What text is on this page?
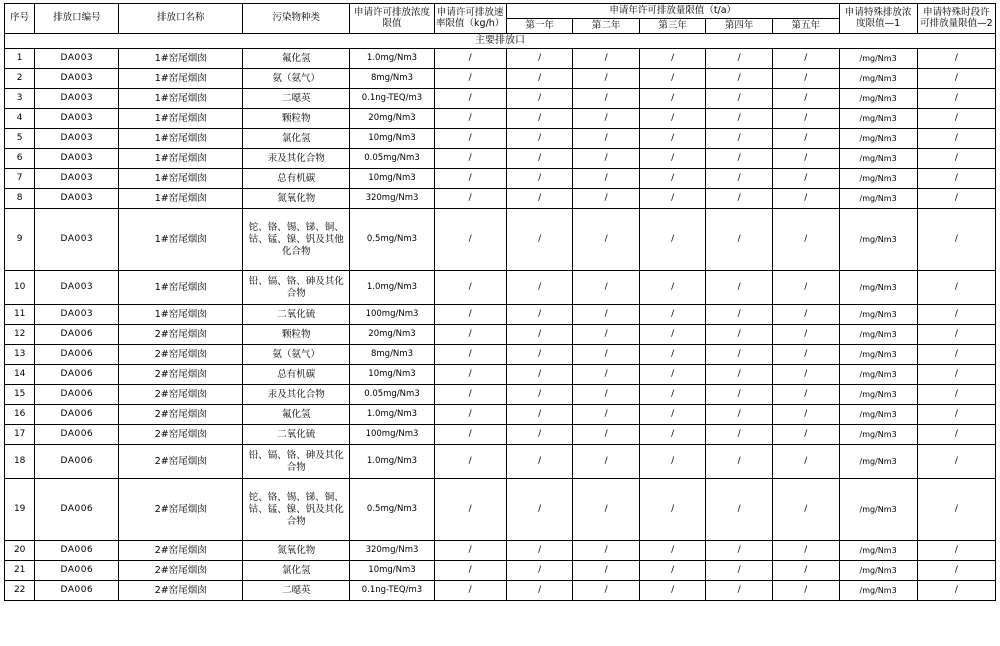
序号	排放口编号	排放口名称	污染物种类	申请许可排放浓度限值	申请许可排放速率限值（kg/h）	申请年许可排放量限值（t/a）					申请特殊排放浓度限值—1	申请特殊时段许可排放量限值—2
						第一年	第二年	第三年	第四年	第五年		
主要排放口												
1	DA003	1#窑尾烟囱	氟化氢	1.0mg/Nm3	/	/	/	/	/	/	/mg/Nm3	/
2	DA003	1#窑尾烟囱	氨（氨气）	8mg/Nm3	/	/	/	/	/	/	/mg/Nm3	/
3	DA003	1#窑尾烟囱	二噁英	0.1ng-TEQ/m3	/	/	/	/	/	/	/mg/Nm3	/
4	DA003	1#窑尾烟囱	颗粒物	20mg/Nm3	/	/	/	/	/	/	/mg/Nm3	/
5	DA003	1#窑尾烟囱	氯化氢	10mg/Nm3	/	/	/	/	/	/	/mg/Nm3	/
6	DA003	1#窑尾烟囱	汞及其化合物	0.05mg/Nm3	/	/	/	/	/	/	/mg/Nm3	/
7	DA003	1#窑尾烟囱	总有机碳	10mg/Nm3	/	/	/	/	/	/	/mg/Nm3	/
8	DA003	1#窑尾烟囱	氮氧化物	320mg/Nm3	/	/	/	/	/	/	/mg/Nm3	/
9	DA003	1#窑尾烟囱	铊、铬、锡、锑、铜、钴、锰、镍、钒及其他化合物	0.5mg/Nm3	/	/	/	/	/	/	/mg/Nm3	/
10	DA003	1#窑尾烟囱	铅、镉、铬、砷及其化合物	1.0mg/Nm3	/	/	/	/	/	/	/mg/Nm3	/
11	DA003	1#窑尾烟囱	二氧化硫	100mg/Nm3	/	/	/	/	/	/	/mg/Nm3	/
12	DA006	2#窑尾烟囱	颗粒物	20mg/Nm3	/	/	/	/	/	/	/mg/Nm3	/
13	DA006	2#窑尾烟囱	氨（氨气）	8mg/Nm3	/	/	/	/	/	/	/mg/Nm3	/
14	DA006	2#窑尾烟囱	总有机碳	10mg/Nm3	/	/	/	/	/	/	/mg/Nm3	/
15	DA006	2#窑尾烟囱	汞及其化合物	0.05mg/Nm3	/	/	/	/	/	/	/mg/Nm3	/
16	DA006	2#窑尾烟囱	氟化氢	1.0mg/Nm3	/	/	/	/	/	/	/mg/Nm3	/
17	DA006	2#窑尾烟囱	二氧化硫	100mg/Nm3	/	/	/	/	/	/	/mg/Nm3	/
18	DA006	2#窑尾烟囱	铅、镉、铬、砷及其化合物	1.0mg/Nm3	/	/	/	/	/	/	/mg/Nm3	/
19	DA006	2#窑尾烟囱	铊、铬、锡、锑、铜、钴、锰、镍、钒及其化合物	0.5mg/Nm3	/	/	/	/	/	/	/mg/Nm3	/
20	DA006	2#窑尾烟囱	氮氧化物	320mg/Nm3	/	/	/	/	/	/	/mg/Nm3	/
21	DA006	2#窑尾烟囱	氯化氢	10mg/Nm3	/	/	/	/	/	/	/mg/Nm3	/
22	DA006	2#窑尾烟囱	二噁英	0.1ng-TEQ/m3	/	/	/	/	/	/	/mg/Nm3	/
